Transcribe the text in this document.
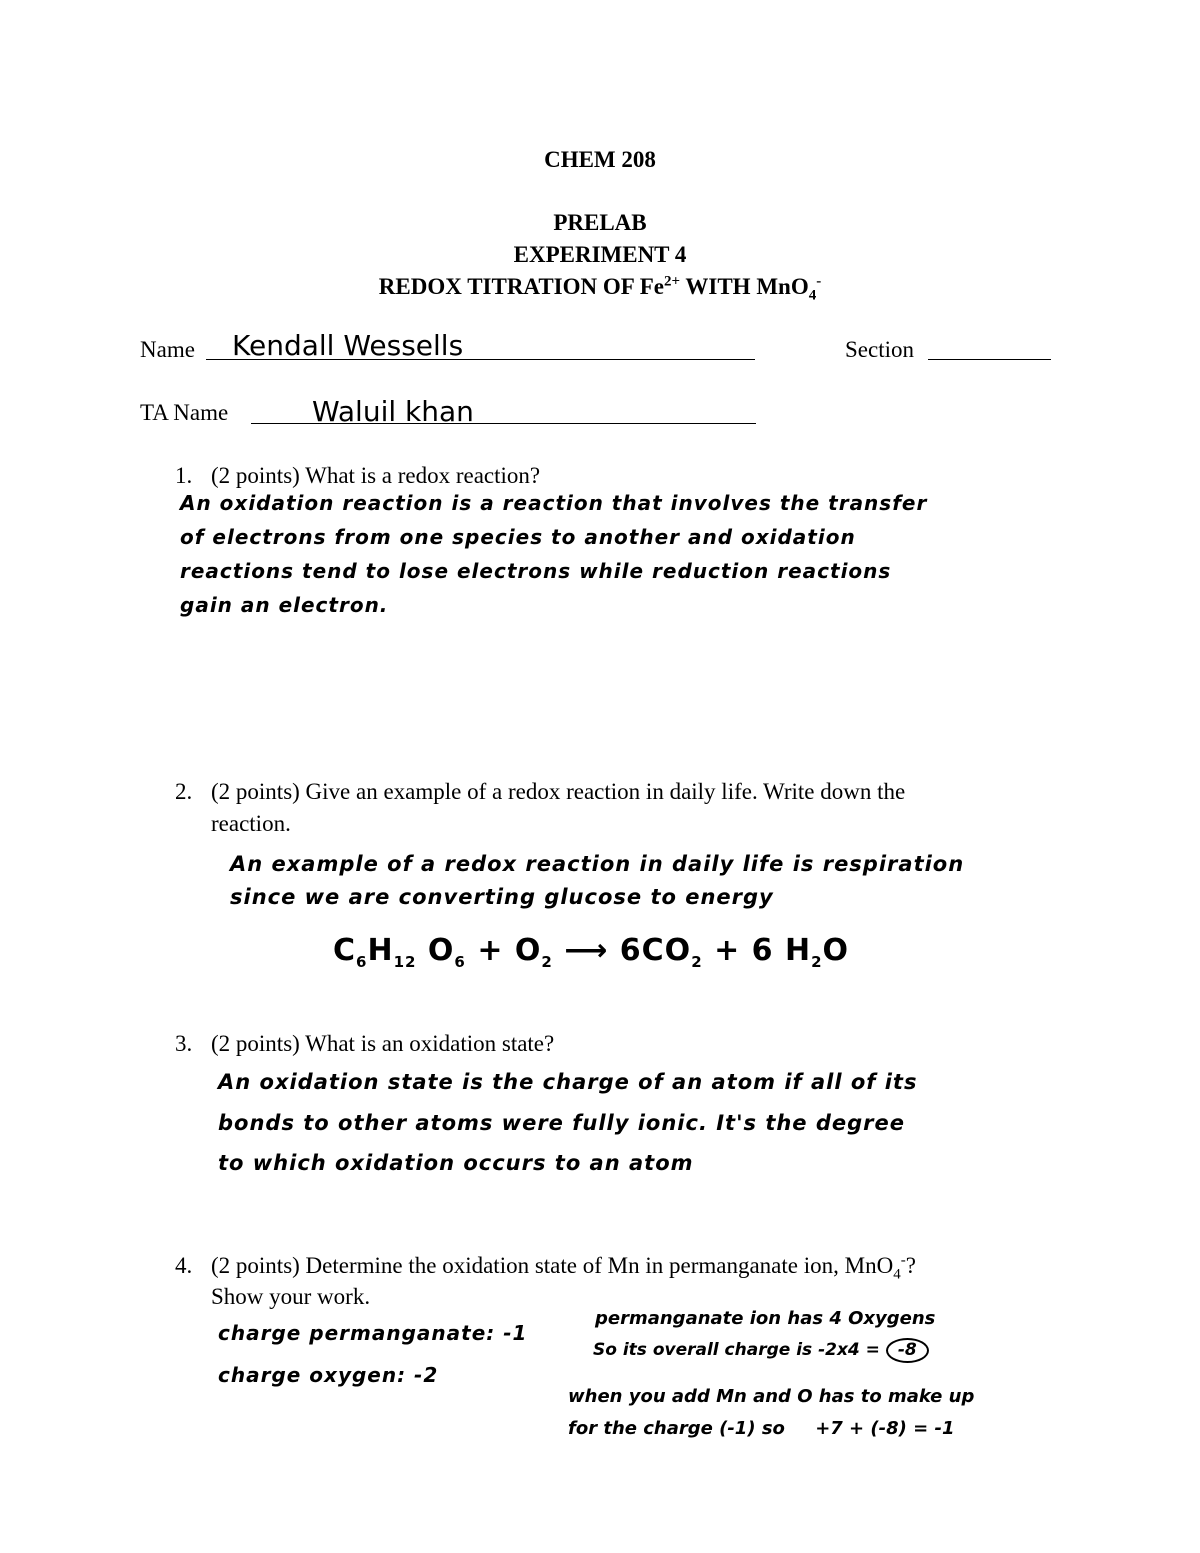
CHEM 208
PRELAB
EXPERIMENT 4
REDOX TITRATION OF $Fe^{2+}$ WITH MnO$_4$-
Name Kendall Wessells	Section
TA Name	Waluil khan
1. (2 points) What is a redox reaction?
An oxidation reaction is a reaction that involves the transfer
of electrons from one species to another and oxidation
reactions tend to lose electrons while reduction reactions
gain an electron.
2. (2 points) Give an example of a redox reaction in daily life. Write down the
reaction.
An example of a redox reaction in daily life is respiration
since we are converting glucose to energy
$C_6H_{12}$ $O_6 + O_2$ ⟶ $6CO_2 + 6$ $H_2O$
3. (2 points) What is an oxidation state?
An oxidation state is the charge of an atom if all of its
bonds to other atoms were fully ionic. It's the degree
to which oxidation occurs to an atom
4. (2 points) Determine the oxidation state of Mn in permanganate ion, MnO$_4$-?
Show your work.
charge permanganate: -1
charge oxygen: -2
permanganate ion has 4 Oxygens
So its overall charge is -2x4 = -8
when you add Mn and O has to make up
for the charge (-1) so +7 + (-8) = -1
